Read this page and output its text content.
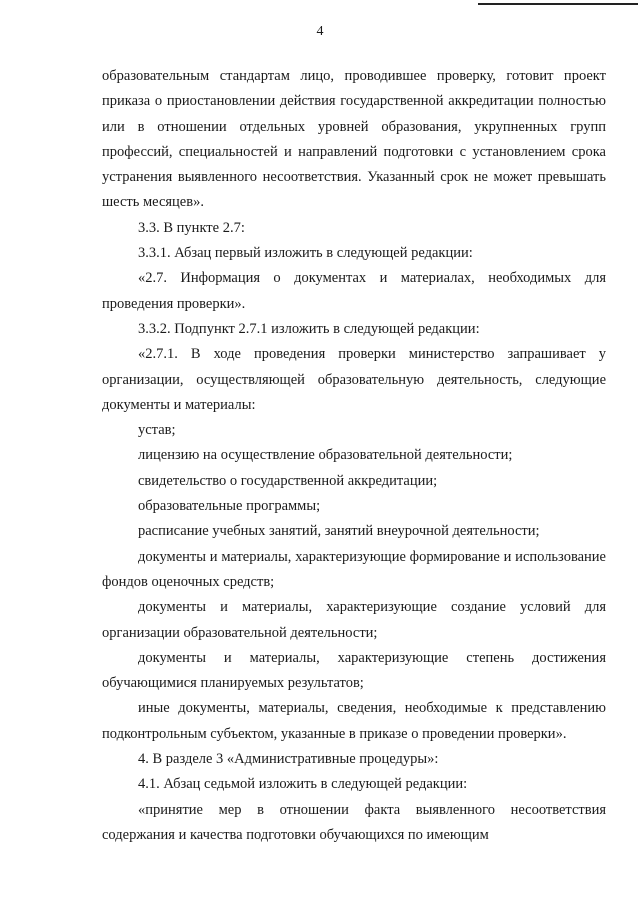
4

образовательным стандартам лицо, проводившее проверку, готовит проект приказа о приостановлении действия государственной аккредитации полностью или в отношении отдельных уровней образования, укрупненных групп профессий, специальностей и направлений подготовки с установлением срока устранения выявленного несоответствия. Указанный срок не может превышать шесть месяцев».

3.3. В пункте 2.7:

3.3.1. Абзац первый изложить в следующей редакции:

«2.7. Информация о документах и материалах, необходимых для проведения проверки».

3.3.2. Подпункт 2.7.1 изложить в следующей редакции:

«2.7.1. В ходе проведения проверки министерство запрашивает у организации, осуществляющей образовательную деятельность, следующие документы и материалы:

устав;

лицензию на осуществление образовательной деятельности;

свидетельство о государственной аккредитации;

образовательные программы;

расписание учебных занятий, занятий внеурочной деятельности;

документы и материалы, характеризующие формирование и использование фондов оценочных средств;

документы и материалы, характеризующие создание условий для организации образовательной деятельности;

документы и материалы, характеризующие степень достижения обучающимися планируемых результатов;

иные документы, материалы, сведения, необходимые к представлению подконтрольным субъектом, указанные в приказе о проведении проверки».

4. В разделе 3 «Административные процедуры»:

4.1. Абзац седьмой изложить в следующей редакции:

«принятие мер в отношении факта выявленного несоответствия содержания и качества подготовки обучающихся по имеющим
